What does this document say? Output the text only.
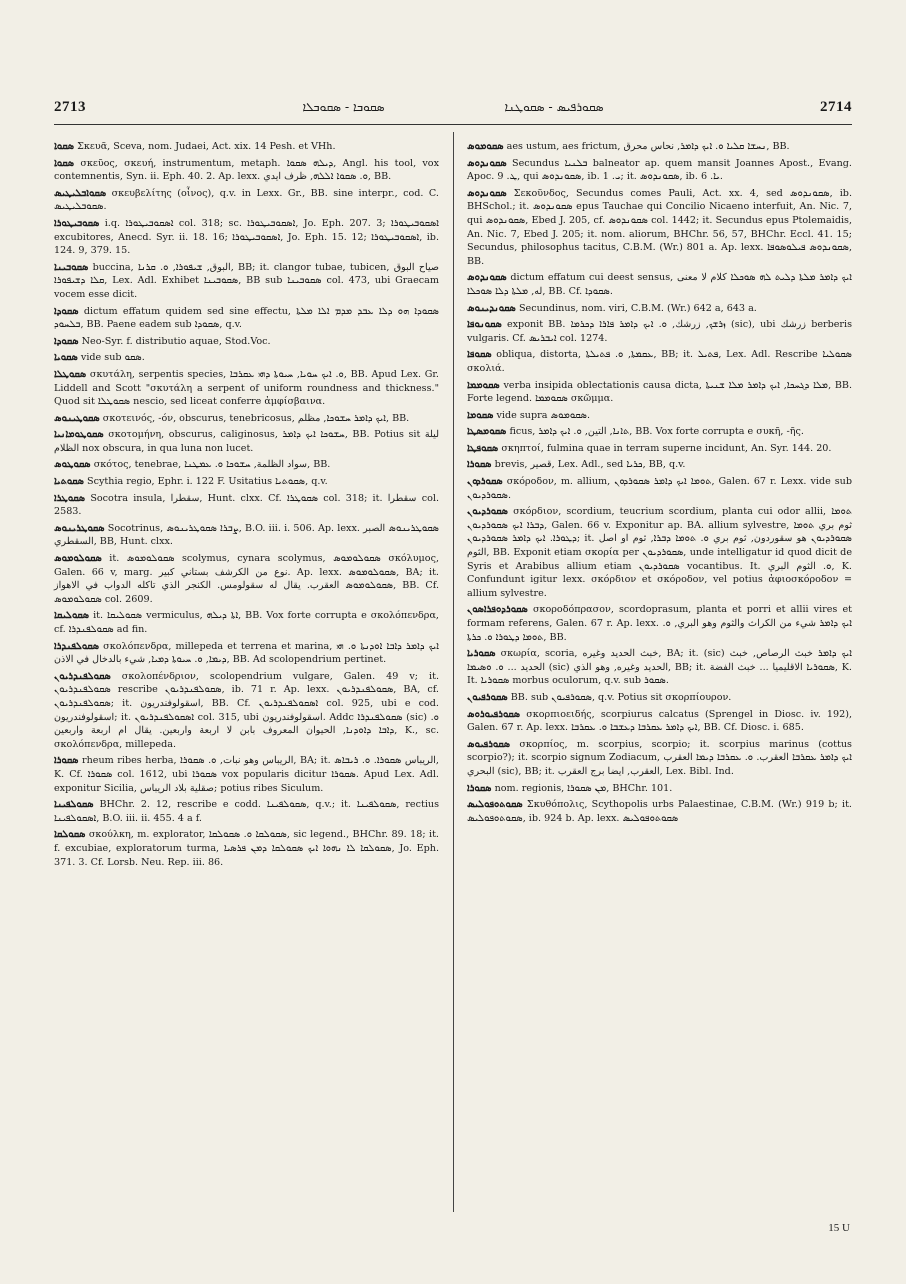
2713	ܣܩܘܒܐ - ܣܩܘܒܠܐ	ܣܩܘܪܦܝܣ - ܣܩܘܛܢܐ	2714

ܣܩܘܐ Σκευᾶ, Sceva, nom. Judaei, Act. xix. 14 Pesh. et VHh.

ܣܩܘܐ σκεῦος, σκευή, instrumentum, metaph. ܕܝܠܗ ܣܩܘܐ, Angl. his tool, vox contemnentis, Syn. ii. Eph. 40. 2. Ap. lexx. ܘ. ܣܩܘܐ ܐܠܠܗ, ظرف ايدي, BB.

ܣܩܘܐܒܠܝܛܝܣ σκευβελίτης (οἶνος), q.v. in Lexx. Gr., BB. sine interpr., cod. C. ܣܩܘܒܠܝܛܝܣ.

ܣܩܘܒܝܛܘܪܐ i.q. ܐܣܩܘܒܝܛܘܪܐ col. 318; sc. ܐܣܩܘܒܝܛܘܪܐ, Jo. Eph. 207. 3; ܐܣܩܘܒܝܛܘܪܐ excubitores, Anecd. Syr. ii. 18. 16; ܐܣܩܘܒܝܛܘܪܐ, Jo. Eph. 15. 12; ܐܣܩܘܒܝܛܘܪܐ, ib. 124. 9, 379. 15.

ܣܩܘܒܝܢܐ buccina, البوق, ܫܝܦܘܪܐ, ܘ. ܩܪܢܐ, BB; it. clangor tubae, tubicen, صياح البوق ܩܠܐ ܕܫܝܦܘܪܐ, Lex. Adl. Exhibet ܣܩܘܒܝܢܐ, BB sub ܣܩܘܒܝܢܐ col. 473, ubi Graecam vocem esse dicit.

ܣܩܘܕܐ dictum effatum quidem sed sine effectu, ܣܩܘܕܐ ܗܘ ܕܠܐ ܥܒܕ ܡܕܡ ܐܠܐ ܡܠܬܐ ܒܠܚܘܕ, BB. Paene eadem sub ܣܩܘܕܐ, q.v.

ܣܩܘܕܐ Neo-Syr. f. distributio aquae, Stod.Voc.

ܣܩܘܝܐ vide sub ܣܩܘ.

ܣܩܘܛܠܐ σκυτάλη, serpentis species, ܘ. ܐܝܟ ܚܘܝܐ, ܚܝܘܬܐ ܕܗܝ ܥܩܪܒܐ, BB. Apud Lex. Gr. Liddell and Scott "σκυτάλη a serpent of uniform roundness and thickness." Quod sit ܣܩܘܛܠܐ nescio, sed liceat conferre ἀμφίσβαινα.

ܣܩܘܛܝܢܘܣ σκοτεινός, -όν, obscurus, tenebricosus, ܐܝܟ ܕܐܡܪ ܚܫܘܟܐ, مظلم, BB.

ܣܩܘܛܘܡܐܢܝܐ σκοτομήνη, obscurus, caliginosus, ܚܫܘܟܐ ܐܝܟ ܕܐܡܪ, BB. Potius sit ليلة الظلام nox obscura, in qua luna non lucet.

ܣܩܘܛܘܣ σκότος, tenebrae, سواد الظلمة, ܚܫܘܟܐ ܘ. ܥܡܛܢܐ, BB.

ܣܩܘܬܝܐ Scythia regio, Ephr. i. 122 F. Usitatius ܣܩܘܬܝܐ, q.v.

ܣܩܘܛܪܐ Socotra insula, سقطرا, Hunt. clxx. Cf. ܣܩܘܛܪܐ col. 318; it. سقطرا col. 2583.

ܣܩܘܛܪܝܢܘܣ Socotrinus, ܨܒܪܐ ܣܩܘܛܪܝܢܘܣ, B.O. iii. i. 506. Ap. lexx. ܣܩܘܛܪܝܢܘܣ الصبر السقطري, BB, Hunt. clxx.

ܣܩܘܠܘܡܘܣ it. ܣܩܘܠܘܡܘܣ scolymus, cynara scolymus, ܣܩܘܠܘܡܘܣ σκόλυμος, Galen. 66 v, marg. نوع من الكرشف بستاني كبير. Ap. lexx. ܣܩܘܠܘܡܘܣ, BA; it. ܣܩܘܠܘܡܘܣ العقرب. يقال له سقولومس. الكنجر الذي تاكله الدواب في الاهواز, BB. Cf. ܣܩܘܠܘܡܘܣ col. 2609.

ܣܩܘܠܝܩܐ it. ܣܩܘܠܝܩܐ vermiculus, ܐܬܐ ܕܝܠܗ, BB. Vox forte corrupta e σκολόπενδρα, cf. ܣܩܘܠܦܢܕܪܐ ad fin.

ܣܩܘܠܦܢܕܪܐ σκολόπενδρα, millepeda et terrena et marina, ܐܝܟ ܕܐܡܪ ܕܐܒܐ ܐܘܕܢܬܐ ܘ. ܗܝ ܕܝܡܐ, ܘ. ܚܝܘܬܐ ܕܡܝܐ, شيء بالدخال في الاذن, BB. Ad scolopendrium pertinet.

ܣܩܘܠܦܢܕܪܝܘܢ σκολοπένδριον, scolopendrium vulgare, Galen. 49 v; it. ܣܩܘܠܦܢܕܪܝܘܢ rescribe ܣܩܘܠܦܢܕܪܝܘܢ, ib. 71 r. Ap. lexx. ܣܩܘܠܦܢܕܪܝܘܢ, BA, cf. ܣܩܘܠܦܢܕܪܝܘܢ; it. اسقولوفندريون, BB. Cf. ܐܣܩܘܠܦܢܕܪܝܘܢ col. 925, ubi e cod. اسقولوفندريون; it. ܐܣܩܘܠܦܢܕܪܝܘܢ col. 315, ubi اسقولوفندريون. Addc ܣܩܘܠܦܢܕܪܐ (sic) ܘ. ܕܐܒܐ ܕܐܘܕܢܐ, الحيوان المعروف بابن لا اربعة واربعين. يقال ام اربعة واربعين, K., sc. σκολόπενδρα, millepeda.

ܣܩܘܪܐ rheum ribes herba, الريباس وهو نبات, ܘ. ܣܩܘܪܐ, BA; it. الريباس ܣܩܘܪܐ. ܘ. ܪܝܒܐܣ, K. Cf. ܣܩܘܪܐ col. 1612, ubi ܣܩܘܪܐ vox popularis dicitur ܣܩܘܪܐ. Apud Lex. Adl. exponitur Sicilia, صقلية بلاد الريباس; potius ribes Siculum.

ܣܩܘܠܦܝܢܐ BHChr. 2. 12, rescribe e codd. ܣܩܘܠܦܝܢܐ, q.v.; it. ܣܩܘܠܦܝܢܐ, rectius ܐܣܩܘܠܦܝܢܐ, B.O. iii. ii. 455. 4 a f.

ܣܩܘܠܩܐ σκούλκη, m. explorator, ܣܩܘܠܩܐ ܘ. ܣܩܘܠܩܐ, sic legend., BHChr. 89. 18; it. f. excubiae, exploratorum turma, ܣܩܘܠܩܐ ܠܐ ܢܗܘܐ ܐܝܟ ܣܩܘܠܩܐ ܕܡܢ ܦܪܣܝܐ, Jo. Eph. 371. 3. Cf. Lorsb. Neu. Rep. iii. 86.

ܣܩܘܡܘܣ aes ustum, aes frictum, ܢܚܫܐ ܩܠܝܐ ܘ. ܐܝܟ ܕܐܡܪ, نحاس محرق, BB.

ܣܩܘܢܕܘܣ Secundus ܒܠܢܝܐ balneator ap. quem mansit Joannes Apost., Evang. Apoc. ܛ. 9, qui ܣܩܘܢܕܘܣ, ib. ܝ. 1; it. ܣܩܘܢܕܘܣ, ib. ܝܐ. 6.

ܣܩܘܢܕܘܣ Σεκοῦνδος, Secundus comes Pauli, Act. xx. 4, sed ܣܩܘܢܕܘܣ, ib. BHSchol.; it. ܣܩܘܢܕܘܣ epus Tauchae qui Concilio Nicaeno interfuit, An. Nic. 7, qui ܣܩܘܢܕܘܣ, Ebed J. 205, cf. ܣܩܘܢܕܘܣ col. 1442; it. Secundus epus Ptolemaidis, An. Nic. 7, Ebed J. 205; it. nom. aliorum, BHChr. 56, 57, BHChr. Eccl. 41. 15; Secundus, philosophus tacitus, C.B.M. (Wr.) 801 a. Ap. lexx. ܣܩܘܢܕܘܣ ܦܝܠܘܣܘܦܐ, BB.

ܣܩܘܢܕܘܣ dictum effatum cui deest sensus, ܐܝܟ ܕܐܡܪ ܡܠܬܐ ܕܠܝܬ ܠܗ ܣܘܟܠܐ كلام لا معنى له, ܡܠܬܐ ܕܠܐ ܣܘܟܠܐ, BB. Cf. ܣܩܘܕܐ.

ܣܩܘܢܕܝܢܘܣ Secundinus, nom. viri, C.B.M. (Wr.) 642 a, 643 a.

ܣܩܘܢܘܦܐ exponit BB. ܙܪܫܟ, زرشك, ܘ. ܐܝܟ ܕܐܡܪ ܦܐܪܐ ܕܟܪܡܐ (sic), ubi زرشك berberis vulgaris. Cf. ܐܝܒܪܝܣ col. 1274.

ܣܩܘܦܐ obliqua, distorta, ܥܩܡܬܐ, ܘ. ܦܬܝܠܬܐ, BB; it. ܦܬܝܠ, Lex. Adl. Rescribe ܣܩܘܠܝܐ σκολιά.

ܣܩܘܡܡܐ verba insipida oblectationis causa dicta, ܡܠܐ ܕܓܚܟܐ, ܐܝܟ ܕܐܡܪ ܡܠܐ ܫܢܝܬܐ, BB. Forte legend. ܣܩܘܡܡܐ σκῶμμα.

ܣܩܘܡܐ vide supra ܣܩܘܡܘܣ.

ܣܩܘܡܣܛܐ ficus, ܬܐܢܐ, التين, ܘ. ܐܝܟ ܕܐܡܪ, BB. Vox forte corrupta e συκῆ, -ῆς.

ܣܩܘܦܛܐ σκηπτοί, fulmina quae in terram superne incidunt, An. Syr. 144. 20.

ܣܩܘܪܐ brevis, قصير, Lex. Adl., sed ܟܪܝܐ, BB, q.v.

ܣܩܘܪܕܘܢ σκόροδον, m. allium, ܬܘܡܐ ܐܝܟ ܕܐܡܪ ܣܩܘܪܕܘܢ, Galen. 67 r. Lexx. vide sub ܣܩܘܪܕܝܘܢ.

ܣܩܘܪܕܝܘܢ σκόρδιον, scordium, teucrium scordium, planta cui odor allii, ܬܘܡܐ ܕܒܪܐ ܐܝܟ ܣܩܘܪܕܝܘܢ, Galen. 66 v. Exponitur ap. BA. allium sylvestre, ثوم بري ܬܘܡܐ ܕܛܘܪܐ. ܐܝܟ ܕܐܡܪ ܣܩܘܪܕܝܘܢ; it. ܣܩܘܪܕܝܘܢ هو سقوردون, ثوم بري ܘ. ܬܘܡܐ ܕܒܪܐ, ثوم او اصل الثوم, BB. Exponit etiam σκορία per ܣܩܘܪܕܝܘܢ, unde intelligatur id quod dicit de Syris et Arabibus allium etiam ܣܩܘܪܕܝܘܢ vocantibus. It. ܘ. الثوم البري, K. Confundunt igitur lexx. σκόρδιον et σκόροδον, vel potius ἀφιοσκόροδον = allium sylvestre.

ܣܩܘܪܕܘܦܪܐܣܘܢ σκοροδόπρασον, scordoprasum, planta et porri et allii vires et formam referens, Galen. 67 r. Ap. lexx. ܐܝܟ ܕܐܡܪ شيء من الكراث والثوم وهو البري, ܘ. ܬܘܡܐ ܕܛܘܪܐ ܘ. ܟܪܬܐ, BB.

ܣܩܘܪܝܐ σκωρία, scoria, خبث الحديد وغيره, BA; it. (sic) ܐܝܟ ܕܐܡܪ خبث الرصاص, خبث الحديد ... ܘ. ܘܣܝܡܐ (sic) الحديد وغيره, وهو الذي, BB; it. ܣܩܘܪܝܐ الاقليميا ... خبث الفضة, K. It. ܣܩܘܪܝܐ morbus oculorum, q.v. sub ܣܩܘܪ.

ܣܩܘܪܦܝܘܢ BB. sub ܣܩܘܪܦܝܘܢ, q.v. Potius sit σκορπίουρον.

ܣܩܘܪܦܝܘܪܘܣ σκορπιοειδής, scorpiurus calcatus (Sprengel in Diosc. iv. 192), Galen. 67 r. Ap. lexx. ܐܝܟ ܕܐܡܪ ܥܩܪܒܐ ܕܥܫܒܐ ܘ. ܥܩܪܒܐ, BB. Cf. Diosc. i. 685.

ܣܩܘܪܦܝܘܣ σκορπίος, m. scorpius, scorpio; it. scorpius marinus (cottus scorpio?); it. scorpio signum Zodiacum, ܐܝܟ ܕܐܡܪ ܥܩܪܒܐ العقرب. ܘ. ܥܩܪܒܐ ܕܝܡܐ العقرب البحري (sic), BB; it. العقرب, ايضا برج العقرب, Lex. Bibl. Ind.

ܣܩܘܪܐ nom. regionis, ܡܢ ܣܩܘܪܐ, BHChr. 101.

ܣܩܘܬܘܦܘܠܝܣ Σκυθόπολις, Scythopolis urbs Palaestinae, C.B.M. (Wr.) 919 b; it. ܣܩܘܬܘܦܘܠܝܣ, ib. 924 b. Ap. lexx. ܣܩܘܬܘܦܘܠܝܣ

15 U
